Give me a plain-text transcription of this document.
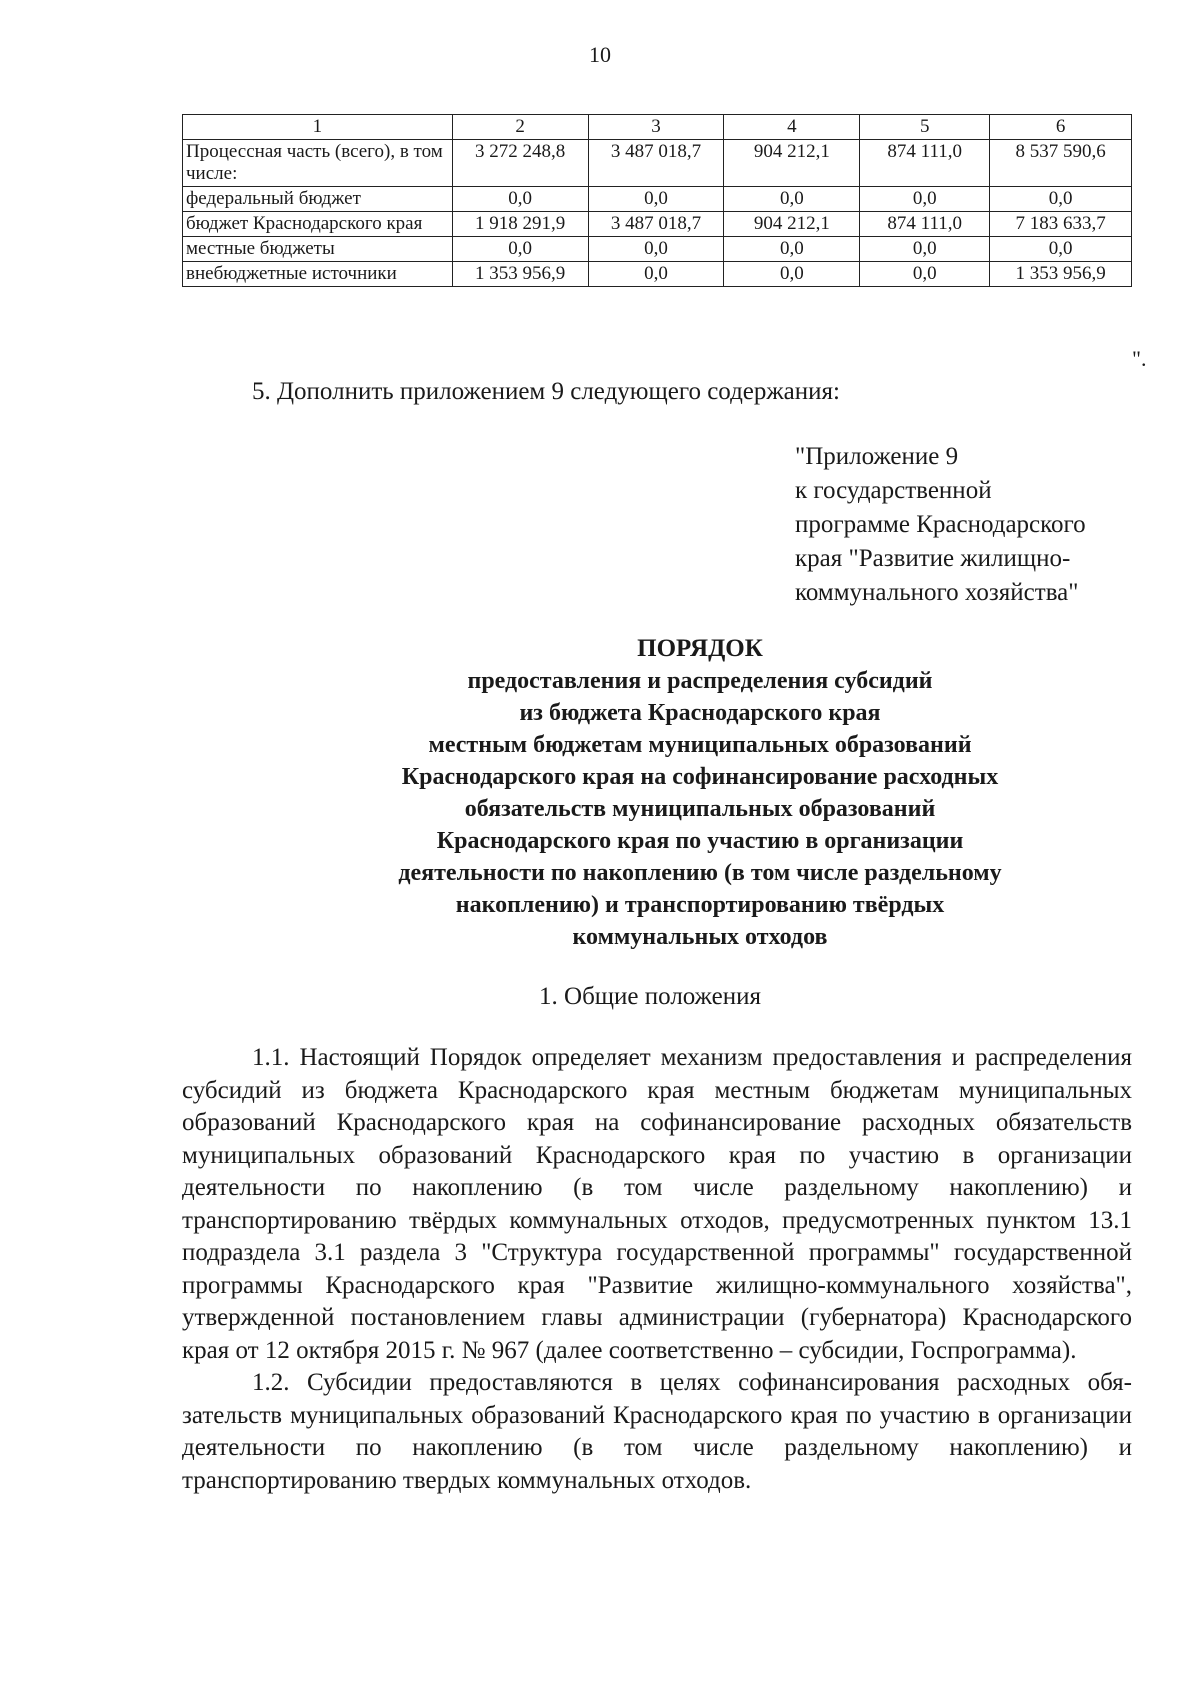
10
1	2	3	4	5	6
Процессная часть (всего), в том числе:	3 272 248,8	3 487 018,7	904 212,1	874 111,0	8 537 590,6
федеральный бюджет	0,0	0,0	0,0	0,0	0,0
бюджет Краснодарского края	1 918 291,9	3 487 018,7	904 212,1	874 111,0	7 183 633,7
местные бюджеты	0,0	0,0	0,0	0,0	0,0
внебюджетные источники	1 353 956,9	0,0	0,0	0,0	1 353 956,9
".
5. Дополнить приложением 9 следующего содержания:
"Приложение 9
к государственной
программе Краснодарского
края "Развитие жилищно-
коммунального хозяйства"
ПОРЯДОК
предоставления и распределения субсидий
из бюджета Краснодарского края
местным бюджетам муниципальных образований
Краснодарского края на софинансирование расходных
обязательств муниципальных образований
Краснодарского края по участию в организации
деятельности по накоплению (в том числе раздельному
накоплению) и транспортированию твёрдых
коммунальных отходов
1. Общие положения

1.1. Настоящий Порядок определяет механизм предоставления и распределения субсидий из бюджета Краснодарского края местным бюджетам муниципальных образований Краснодарского края на софинансирование расходных обязательств муниципальных образований Краснодарского края по участию в организации деятельности по накоплению (в том числе раздельному накоплению) и транспортированию твёрдых коммунальных отходов, предусмотренных пунктом 13.1 подраздела 3.1 раздела 3 "Структура государственной программы" государственной программы Краснодарского края "Развитие жилищно-коммунального хозяйства", утвержденной постановлением главы администрации (губернатора) Краснодарского края от 12 октября 2015 г. № 967 (далее соответственно – субсидии, Госпрограмма).

1.2. Субсидии предоставляются в целях софинансирования расходных обязательств муниципальных образований Краснодарского края по участию в организации деятельности по накоплению (в том числе раздельному накоплению) и транспортированию твердых коммунальных отходов.
